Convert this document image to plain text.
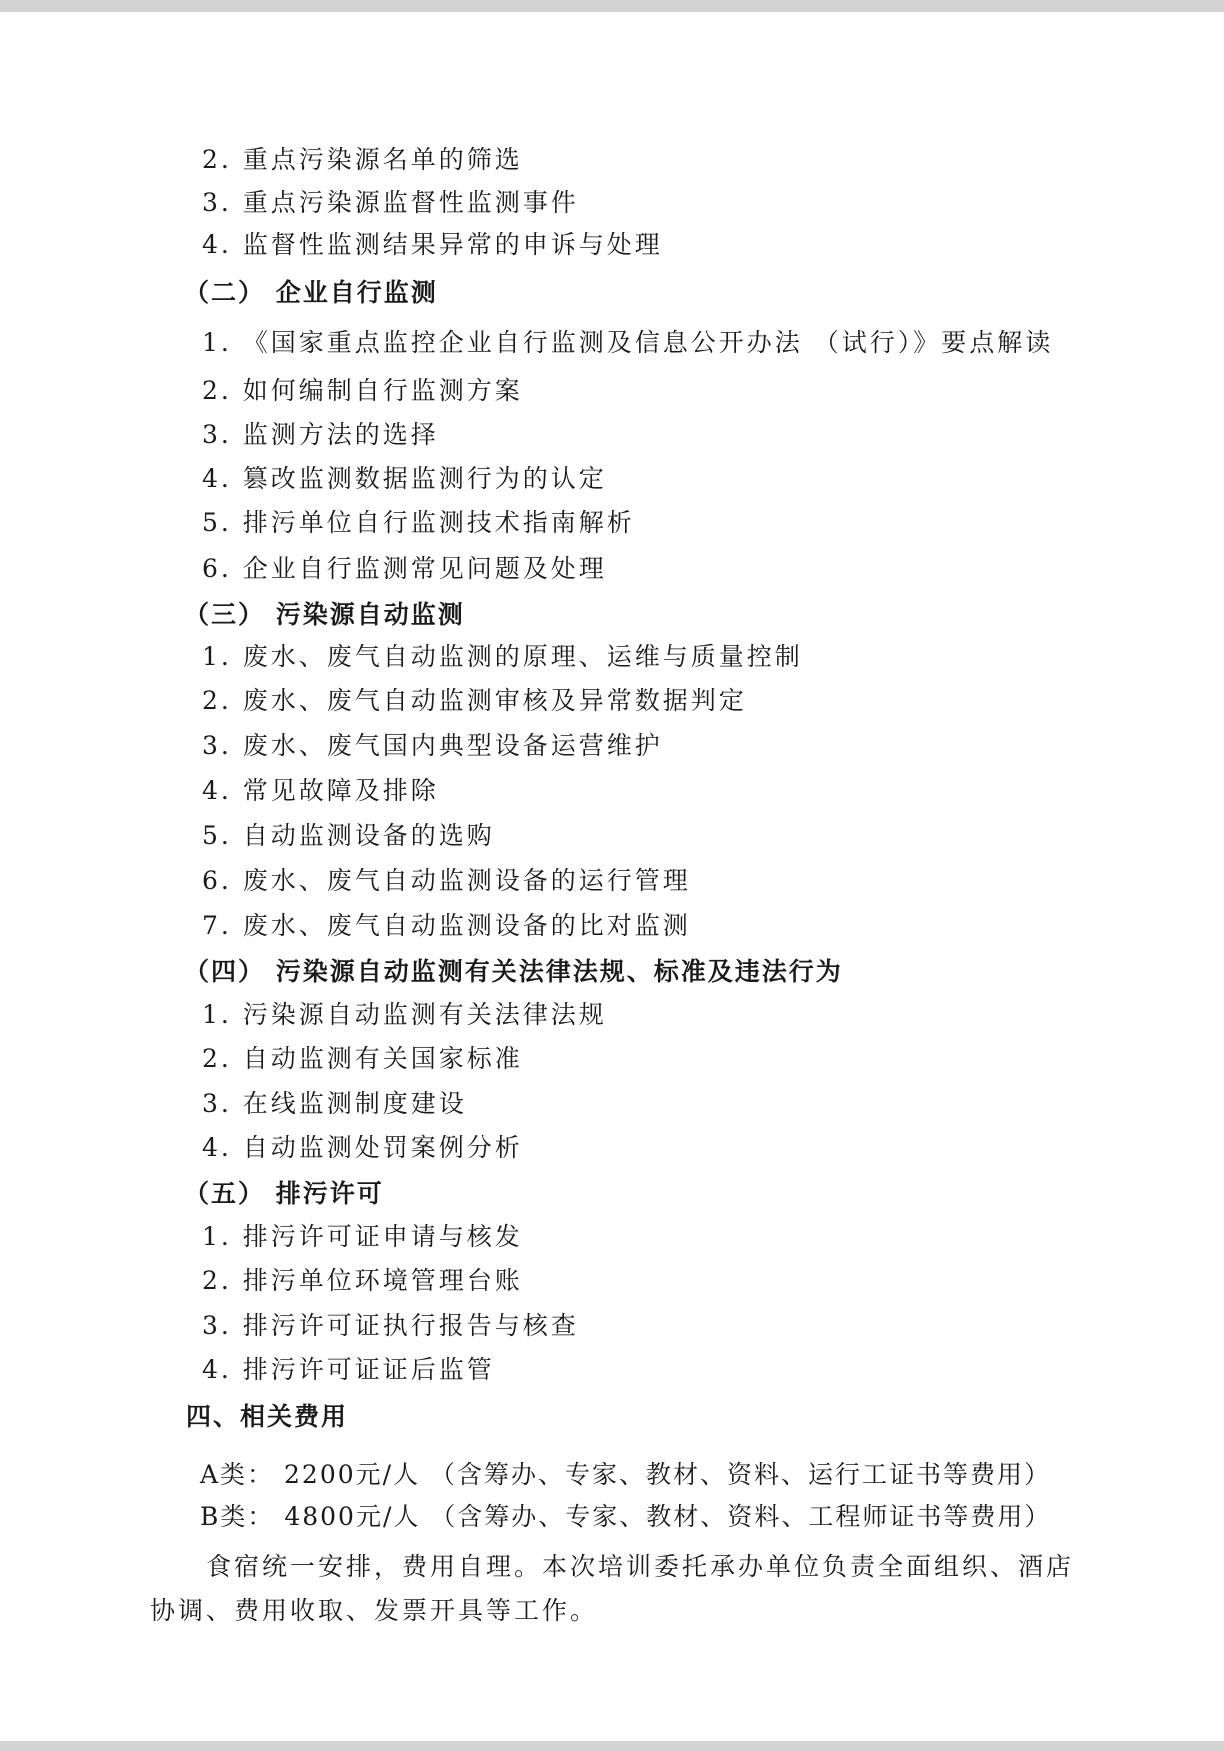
2. 重点污染源名单的筛选
3. 重点污染源监督性监测事件
4. 监督性监测结果异常的申诉与处理
（二） 企业自行监测
1. 《国家重点监控企业自行监测及信息公开办法 （试行）》要点解读
2. 如何编制自行监测方案
3. 监测方法的选择
4. 篡改监测数据监测行为的认定
5. 排污单位自行监测技术指南解析
6. 企业自行监测常见问题及处理
（三） 污染源自动监测
1. 废水、废气自动监测的原理、运维与质量控制
2. 废水、废气自动监测审核及异常数据判定
3. 废水、废气国内典型设备运营维护
4. 常见故障及排除
5. 自动监测设备的选购
6. 废水、废气自动监测设备的运行管理
7. 废水、废气自动监测设备的比对监测
（四） 污染源自动监测有关法律法规、标准及违法行为
1. 污染源自动监测有关法律法规
2. 自动监测有关国家标准
3. 在线监测制度建设
4. 自动监测处罚案例分析
（五） 排污许可
1. 排污许可证申请与核发
2. 排污单位环境管理台账
3. 排污许可证执行报告与核查
4. 排污许可证证后监管
四、相关费用
A类： 2200元/人 （含筹办、专家、教材、资料、运行工证书等费用）
B类： 4800元/人 （含筹办、专家、教材、资料、工程师证书等费用）
食宿统一安排，费用自理。本次培训委托承办单位负责全面组织、酒店
协调、费用收取、发票开具等工作。
